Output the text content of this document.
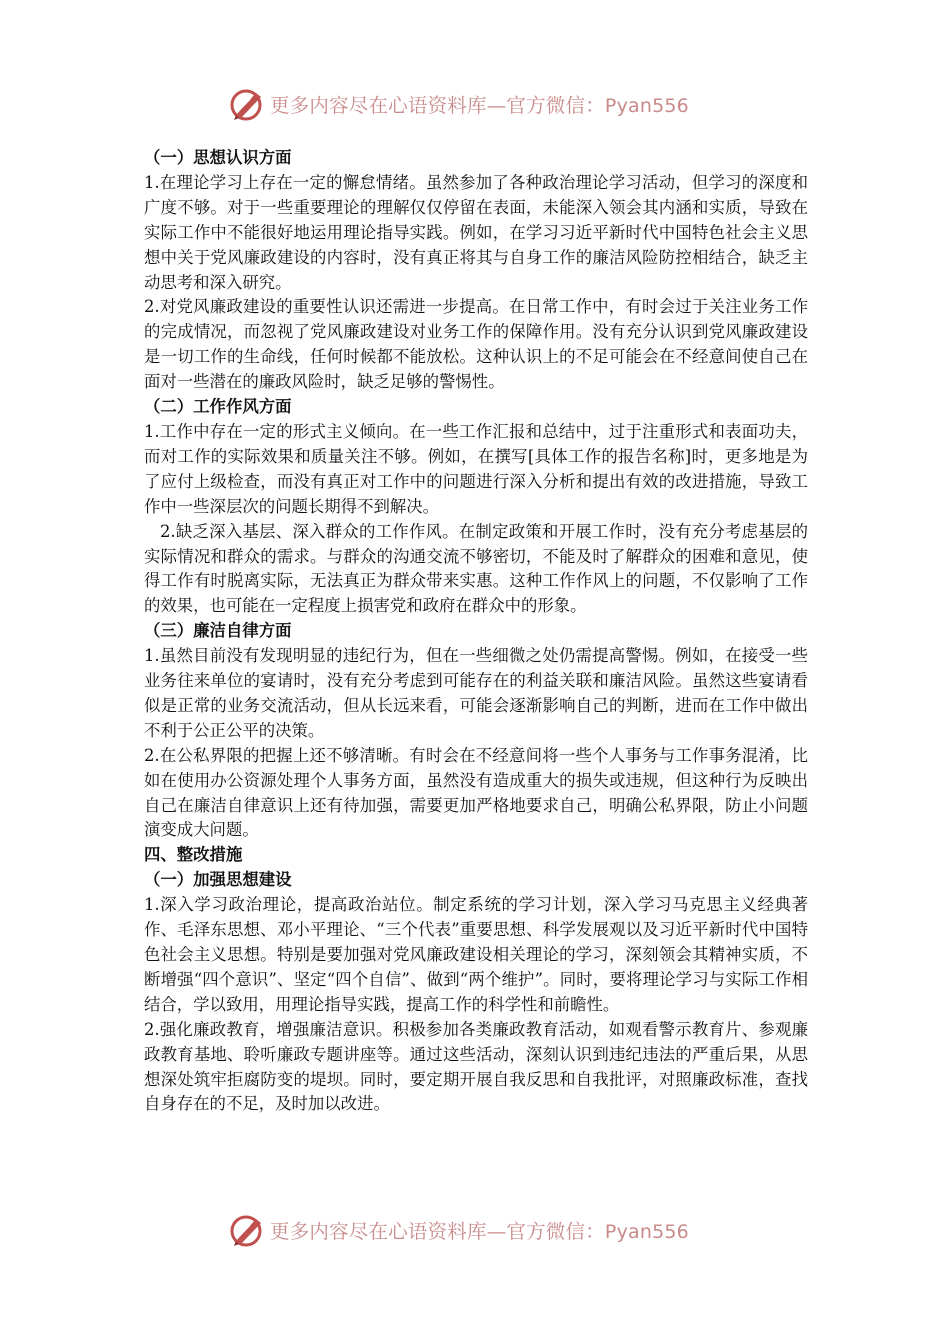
更多内容尽在心语资料库—官方微信：Pyan556

（一）思想认识方面

1.在理论学习上存在一定的懈怠情绪。虽然参加了各种政治理论学习活动，但学习的深度和广度不够。对于一些重要理论的理解仅仅停留在表面，未能深入领会其内涵和实质，导致在实际工作中不能很好地运用理论指导实践。例如，在学习习近平新时代中国特色社会主义思想中关于党风廉政建设的内容时，没有真正将其与自身工作的廉洁风险防控相结合，缺乏主动思考和深入研究。

2.对党风廉政建设的重要性认识还需进一步提高。在日常工作中，有时会过于关注业务工作的完成情况，而忽视了党风廉政建设对业务工作的保障作用。没有充分认识到党风廉政建设是一切工作的生命线，任何时候都不能放松。这种认识上的不足可能会在不经意间使自己在面对一些潜在的廉政风险时，缺乏足够的警惕性。

（二）工作作风方面

1.工作中存在一定的形式主义倾向。在一些工作汇报和总结中，过于注重形式和表面功夫，而对工作的实际效果和质量关注不够。例如，在撰写[具体工作的报告名称]时，更多地是为了应付上级检查，而没有真正对工作中的问题进行深入分析和提出有效的改进措施，导致工作中一些深层次的问题长期得不到解决。

2.缺乏深入基层、深入群众的工作作风。在制定政策和开展工作时，没有充分考虑基层的实际情况和群众的需求。与群众的沟通交流不够密切，不能及时了解群众的困难和意见，使得工作有时脱离实际，无法真正为群众带来实惠。这种工作作风上的问题，不仅影响了工作的效果，也可能在一定程度上损害党和政府在群众中的形象。

（三）廉洁自律方面

1.虽然目前没有发现明显的违纪行为，但在一些细微之处仍需提高警惕。例如，在接受一些业务往来单位的宴请时，没有充分考虑到可能存在的利益关联和廉洁风险。虽然这些宴请看似是正常的业务交流活动，但从长远来看，可能会逐渐影响自己的判断，进而在工作中做出不利于公正公平的决策。

2.在公私界限的把握上还不够清晰。有时会在不经意间将一些个人事务与工作事务混淆，比如在使用办公资源处理个人事务方面，虽然没有造成重大的损失或违规，但这种行为反映出自己在廉洁自律意识上还有待加强，需要更加严格地要求自己，明确公私界限，防止小问题演变成大问题。

四、整改措施

（一）加强思想建设

1.深入学习政治理论，提高政治站位。制定系统的学习计划，深入学习马克思主义经典著作、毛泽东思想、邓小平理论、“三个代表”重要思想、科学发展观以及习近平新时代中国特色社会主义思想。特别是要加强对党风廉政建设相关理论的学习，深刻领会其精神实质，不断增强“四个意识”、坚定“四个自信”、做到“两个维护”。同时，要将理论学习与实际工作相结合，学以致用，用理论指导实践，提高工作的科学性和前瞻性。

2.强化廉政教育，增强廉洁意识。积极参加各类廉政教育活动，如观看警示教育片、参观廉政教育基地、聆听廉政专题讲座等。通过这些活动，深刻认识到违纪违法的严重后果，从思想深处筑牢拒腐防变的堤坝。同时，要定期开展自我反思和自我批评，对照廉政标准，查找自身存在的不足，及时加以改进。

更多内容尽在心语资料库—官方微信：Pyan556
